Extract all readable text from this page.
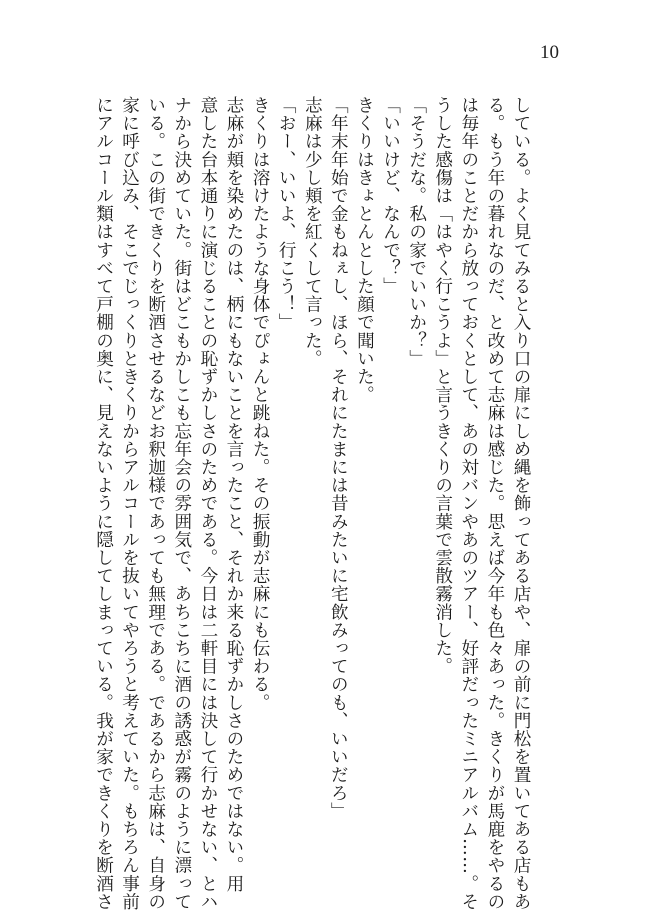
10
している。よく見てみると入り口の扉にしめ縄を飾ってある店や、扉の前に門松を置いてある店もあ
る。もう年の暮れなのだ、と改めて志麻は感じた。思えば今年も色々あった。きくりが馬鹿をやるの
は毎年のことだから放っておくとして、あの対バンやあのツアー、好評だったミニアルバム……。そ
うした感傷は「はやく行こうよ」と言うきくりの言葉で雲散霧消した。
「そうだな。私の家でいいか？」
「いいけど、なんで？」
きくりはきょとんとした顔で聞いた。
「年末年始で金もねぇし、ほら、それにたまには昔みたいに宅飲みってのも、いいだろ」
志麻は少し頬を紅くして言った。
「おー、いいよ、行こう！」
きくりは溶けたような身体でぴょんと跳ねた。その振動が志麻にも伝わる。
志麻が頬を染めたのは、柄にもないことを言ったこと、それか来る恥ずかしさのためではない。用
意した台本通りに演じることの恥ずかしさのためである。今日は二軒目には決して行かせない、とハ
ナから決めていた。街はどこもかしこも忘年会の雰囲気で、あちこちに酒の誘惑が霧のように漂って
いる。この街できくりを断酒させるなどお釈迦様であっても無理である。であるから志麻は、自身の
家に呼び込み、そこでじっくりときくりからアルコールを抜いてやろうと考えていた。もちろん事前
にアルコール類はすべて戸棚の奥に、見えないように隠してしまっている。我が家できくりを断酒さ
